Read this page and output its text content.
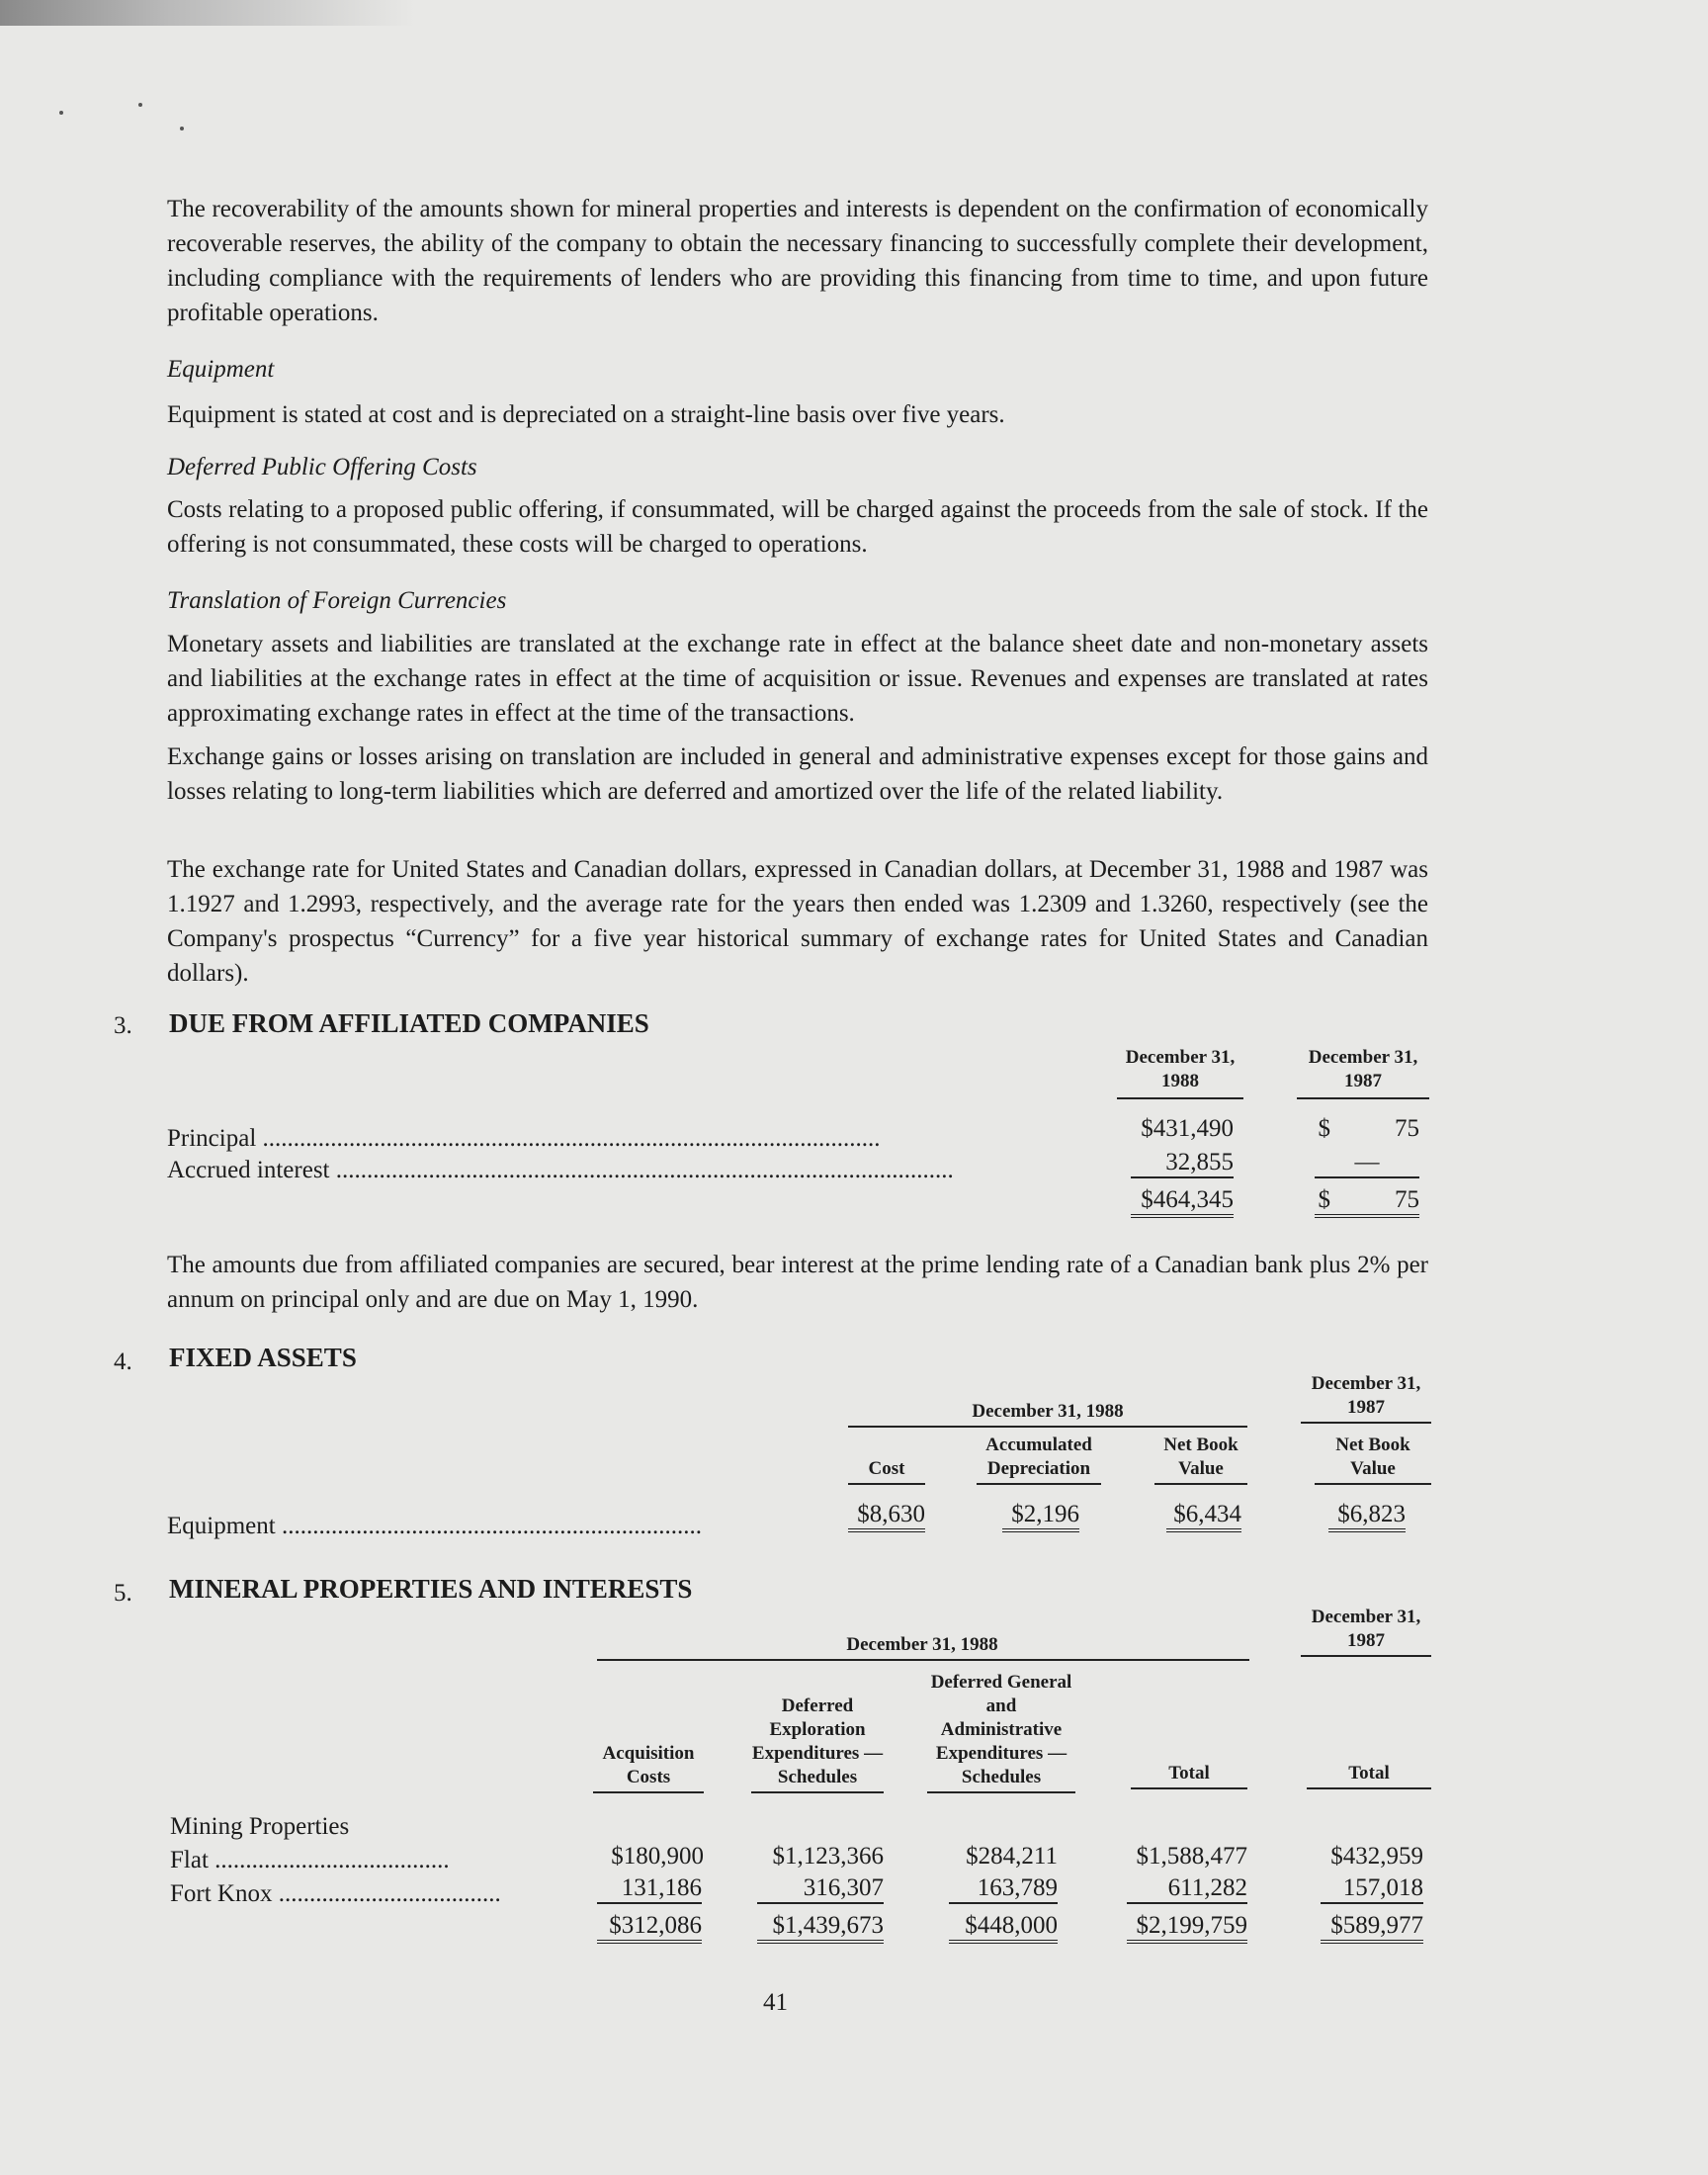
The recoverability of the amounts shown for mineral properties and interests is dependent on the confirmation of economically recoverable reserves, the ability of the company to obtain the necessary financing to successfully complete their development, including compliance with the requirements of lenders who are providing this financing from time to time, and upon future profitable operations.
Equipment
Equipment is stated at cost and is depreciated on a straight-line basis over five years.
Deferred Public Offering Costs
Costs relating to a proposed public offering, if consummated, will be charged against the proceeds from the sale of stock. If the offering is not consummated, these costs will be charged to operations.
Translation of Foreign Currencies
Monetary assets and liabilities are translated at the exchange rate in effect at the balance sheet date and non-monetary assets and liabilities at the exchange rates in effect at the time of acquisition or issue. Revenues and expenses are translated at rates approximating exchange rates in effect at the time of the transactions.
Exchange gains or losses arising on translation are included in general and administrative expenses except for those gains and losses relating to long-term liabilities which are deferred and amortized over the life of the related liability.
The exchange rate for United States and Canadian dollars, expressed in Canadian dollars, at December 31, 1988 and 1987 was 1.1927 and 1.2993, respectively, and the average rate for the years then ended was 1.2309 and 1.3260, respectively (see the Company's prospectus “Currency” for a five year historical summary of exchange rates for United States and Canadian dollars).
3. DUE FROM AFFILIATED COMPANIES
December 31, 1988
December 31, 1987
Principal ....................................................................................................	$431,490	$	75
Accrued interest ....................................................................................................	32,855	—
$464,345	$	75
The amounts due from affiliated companies are secured, bear interest at the prime lending rate of a Canadian bank plus 2% per annum on principal only and are due on May 1, 1990.
4. FIXED ASSETS
December 31, 1988
December 31, 1987
Cost
Accumulated Depreciation
Net Book Value
Net Book Value
Equipment ....................................................................	$8,630	$2,196	$6,434	$6,823
5. MINERAL PROPERTIES AND INTERESTS
December 31, 1988
December 31, 1987
Acquisition Costs
Deferred Exploration Expenditures — Schedules
Deferred General and Administrative Expenditures — Schedules	Total	Total
Mining Properties
Flat ......................................	$180,900	$1,123,366	$284,211	$1,588,477	$432,959
Fort Knox ....................................	131,186	316,307	163,789	611,282	157,018
$312,086	$1,439,673	$448,000	$2,199,759	$589,977
41
